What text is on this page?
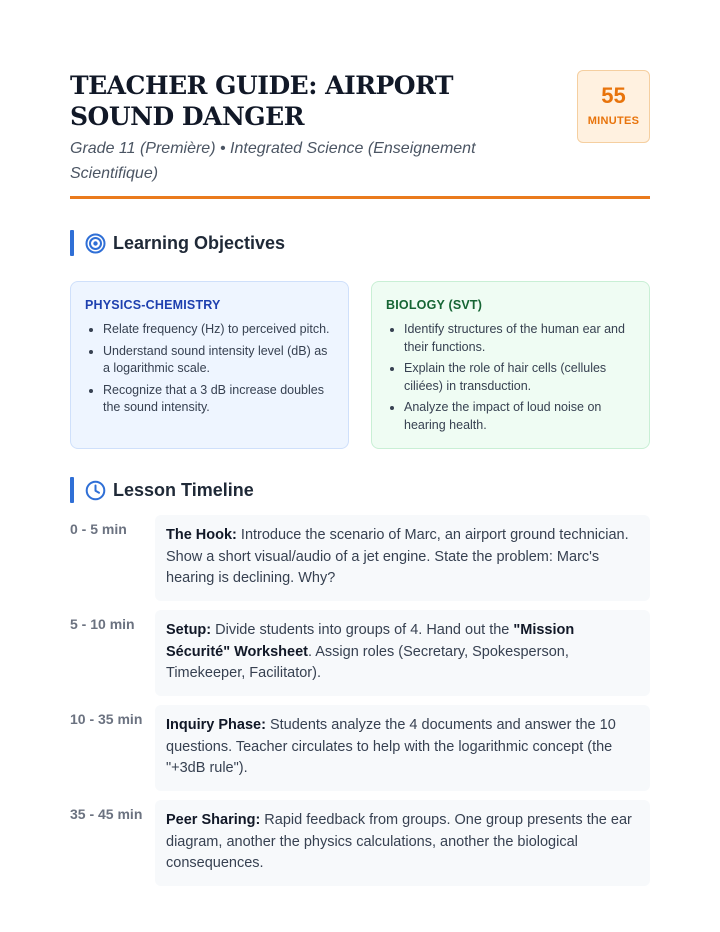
TEACHER GUIDE: AIRPORT SOUND DANGER

Grade 11 (Première) • Integrated Science (Enseignement Scientifique)

55
MINUTES
Learning Objectives
PHYSICS-CHEMISTRY
• Relate frequency (Hz) to perceived pitch.
• Understand sound intensity level (dB) as a logarithmic scale.
• Recognize that a 3 dB increase doubles the sound intensity.
BIOLOGY (SVT)
• Identify structures of the human ear and their functions.
• Explain the role of hair cells (cellules ciliées) in transduction.
• Analyze the impact of loud noise on hearing health.
Lesson Timeline
0 - 5 min	The Hook: Introduce the scenario of Marc, an airport ground technician. Show a short visual/audio of a jet engine. State the problem: Marc's hearing is declining. Why?
5 - 10 min	Setup: Divide students into groups of 4. Hand out the "Mission Sécurité" Worksheet. Assign roles (Secretary, Spokesperson, Timekeeper, Facilitator).
10 - 35 min	Inquiry Phase: Students analyze the 4 documents and answer the 10 questions. Teacher circulates to help with the logarithmic concept (the "+3dB rule").
35 - 45 min	Peer Sharing: Rapid feedback from groups. One group presents the ear diagram, another the physics calculations, another the biological consequences.
